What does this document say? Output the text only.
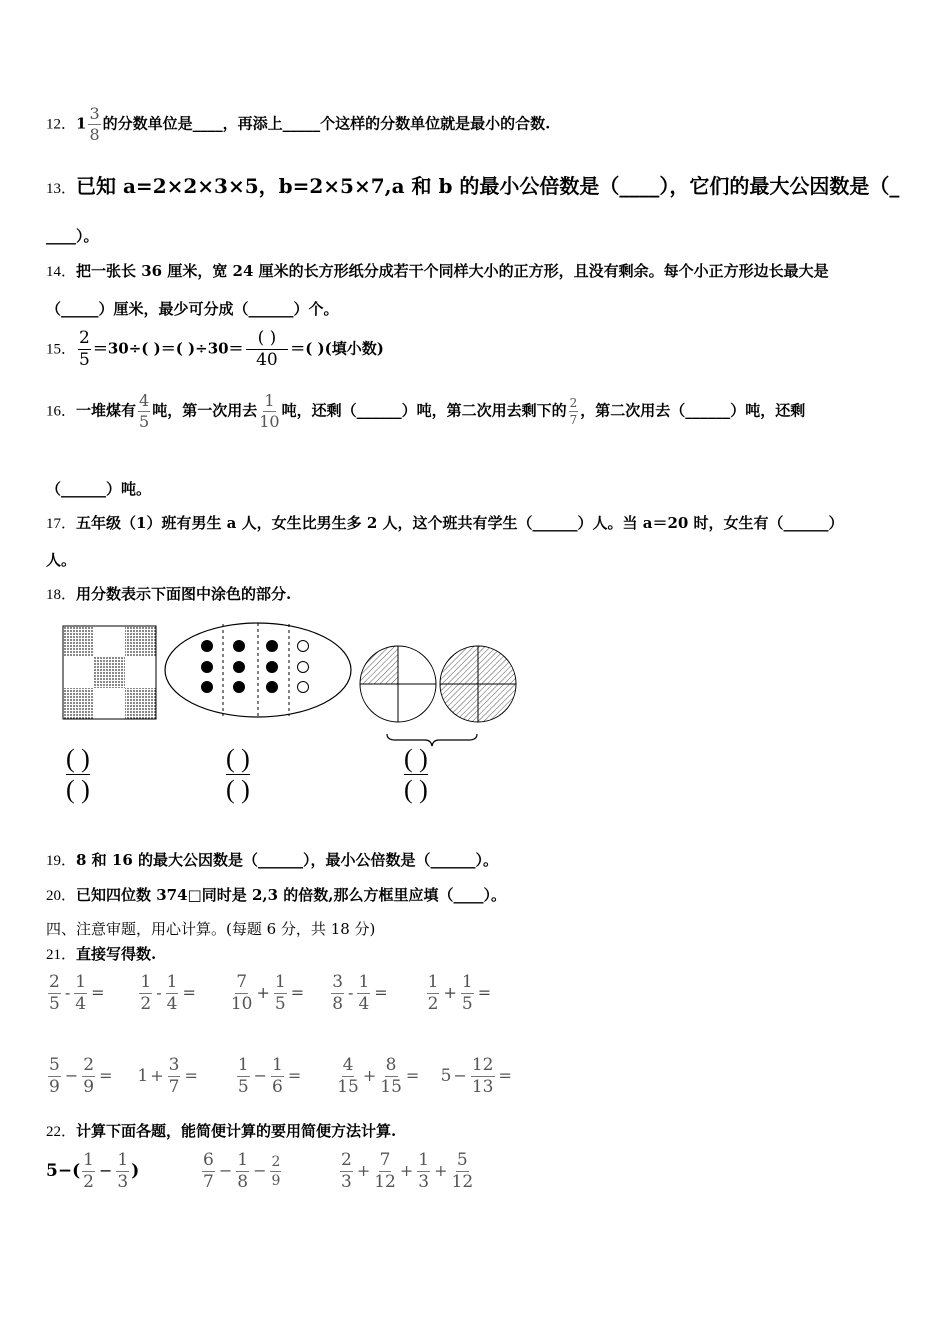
12．$1 \frac{3}{8}$ 的分数单位是____，再添上_____个这样的分数单位就是最小的合数.
13．已知 a=2×2×3×5，b=2×5×7,a 和 b 的最小公倍数是（____），它们的最大公因数是（_
____）。
14．把一张长 36 厘米，宽 24 厘米的长方形纸分成若干个同样大小的正方形，且没有剩余。每个小正方形边长最大是
（_____）厘米，最少可分成（______）个。
15． $\frac{2}{5} =30\div$( )＝( )$\div 30= \frac{( )}{40}$ ＝( )(填小数)
16．一堆煤有 $\frac{4}{5}$ 吨，第一次用去 $\frac{1}{10}$ 吨，还剩（______）吨，第二次用去剩下的 $\frac{2}{7}$ ，第二次用去（______）吨，还剩
（______）吨。
17．五年级（1）班有男生 a 人，女生比男生多 2 人，这个班共有学生（______）人。当 a＝20 时，女生有（______）
人。
18．用分数表示下面图中涂色的部分.
( )
( )
( )
( )
( )
( )
19．8 和 16 的最大公因数是（______），最小公倍数是（______）。
20．已知四位数 374□同时是 2,3 的倍数,那么方框里应填（____）。
四、注意审题，用心计算。(每题 6 分，共 18 分)
21．直接写得数.
$\frac{2}{5} - \frac{1}{4} = \frac{1}{2} - \frac{1}{4} = \frac{7}{10} + \frac{1}{5} = \frac{3}{8} - \frac{1}{4} = \frac{1}{2} + \frac{1}{5}$ =
$\frac{5}{9} - \frac{2}{9} = 1 + \frac{3}{7} = \frac{1}{5} - \frac{1}{6} = \frac{4}{15} + \frac{8}{15} = 5 - \frac{12}{13}$ =
22．计算下面各题，能简便计算的要用简便方法计算.
$5-( \frac{1}{2} - \frac{1}{3}$ )	$\frac{6}{7} - \frac{1}{8} - \frac{2}{9}$	$\frac{2}{3} + \frac{7}{12} + \frac{1}{3} + \frac{5}{12}$
